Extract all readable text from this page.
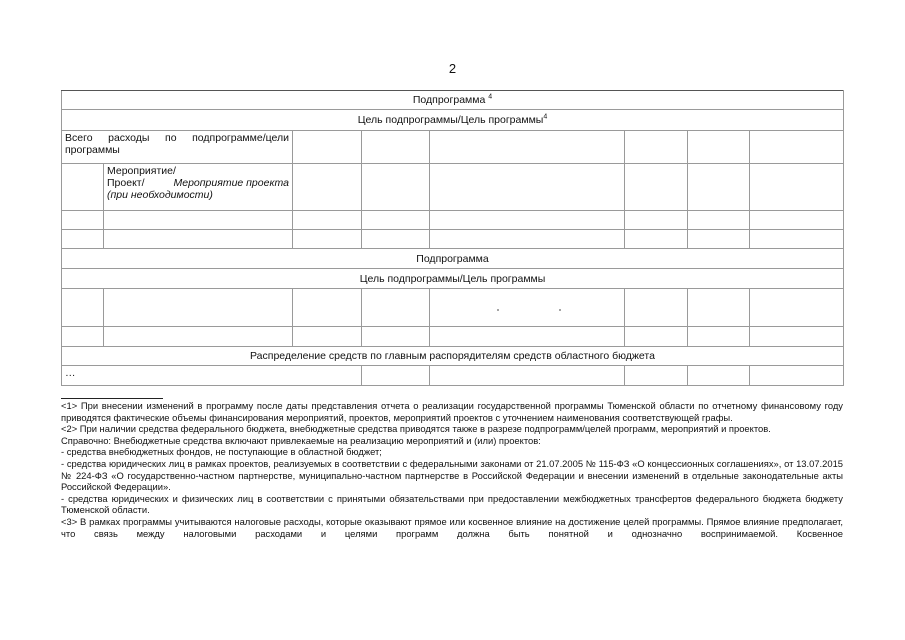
2
Подпрограмма $^4$
Цель подпрограммы/Цель программы$^4$
Всего расходы по подпрограмме/цели программы							

	Мероприятие/
Проект/ Мероприятие проекта
(при необходимости)						

Подпрограмма							
Цель подпрограммы/Цель программы							

Распределение средств по главным распорядителям средств областного бюджета							
…							

<1> При внесении изменений в программу после даты представления отчета о реализации государственной программы Тюменской области по отчетному финансовому году приводятся фактические объемы финансирования мероприятий, проектов, мероприятий проектов с уточнением наименования соответствующей графы.

<2> При наличии средства федерального бюджета, внебюджетные средства приводятся также в разрезе подпрограмм/целей программ, мероприятий и проектов.

Справочно: Внебюджетные средства включают привлекаемые на реализацию мероприятий и (или) проектов:

- средства внебюджетных фондов, не поступающие в областной бюджет;

- средства юридических лиц в рамках проектов, реализуемых в соответствии с федеральными законами от 21.07.2005 № 115-ФЗ «О концессионных соглашениях», от 13.07.2015 № 224-ФЗ «О государственно-частном партнерстве, муниципально-частном партнерстве в Российской Федерации и внесении изменений в отдельные законодательные акты Российской Федерации».

- средства юридических и физических лиц в соответствии с принятыми обязательствами при предоставлении межбюджетных трансфертов федерального бюджета бюджету Тюменской области.

<3> В рамках программы учитываются налоговые расходы, которые оказывают прямое или косвенное влияние на достижение целей программы. Прямое влияние предполагает, что связь между налоговыми расходами и целями программ должна быть понятной и однозначно воспринимаемой. Косвенное
